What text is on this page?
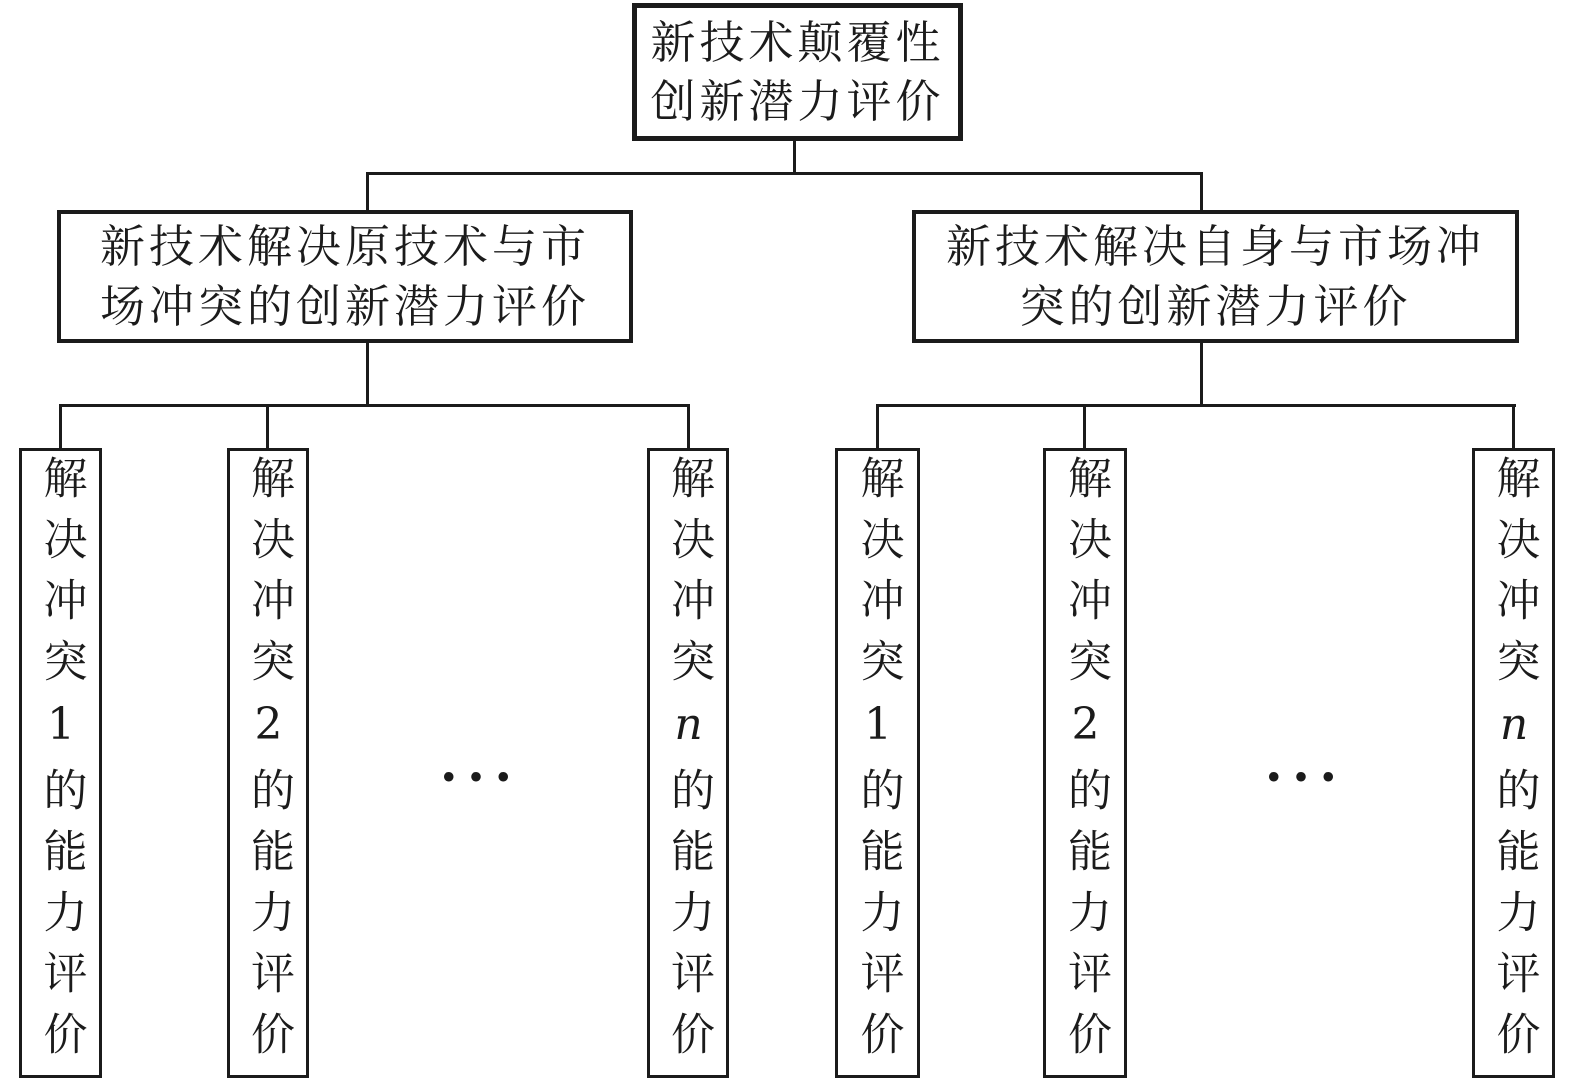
新技术颠覆性
创新潜力评价
新技术解决原技术与市
场冲突的创新潜力评价
新技术解决自身与市场冲
突的创新潜力评价
解决冲突1的能力评价
解决冲突2的能力评价	•••
解决冲突n的能力评价
解决冲突1的能力评价
解决冲突2的能力评价	•••
解决冲突n的能力评价
